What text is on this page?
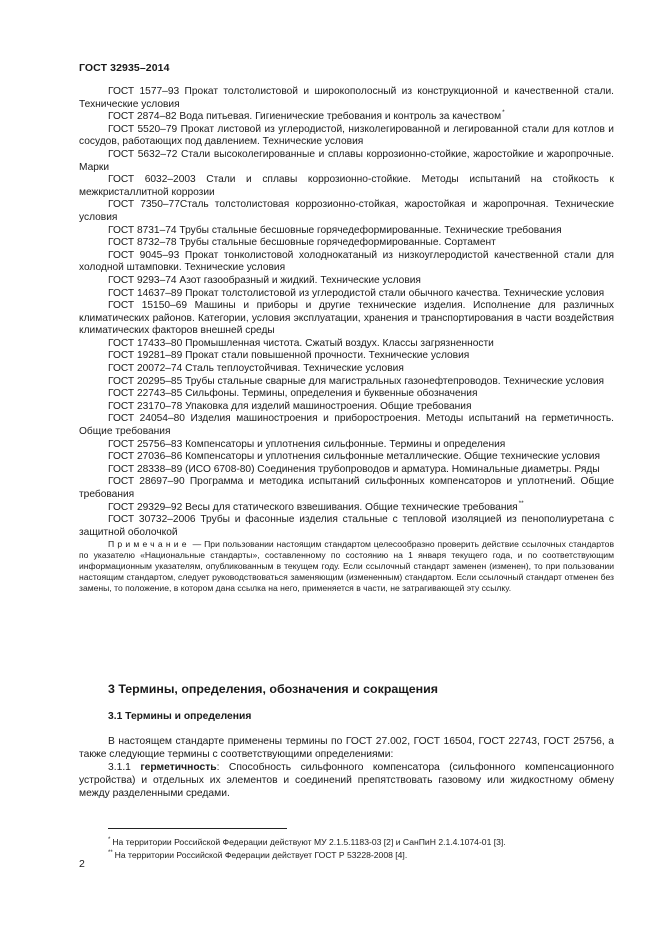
ГОСТ 32935–2014

ГОСТ 1577–93 Прокат толстолистовой и широкополосный из конструкционной и качественной стали. Технические условия

ГОСТ 2874–82 Вода питьевая. Гигиенические требования и контроль за качеством*

ГОСТ 5520–79 Прокат листовой из углеродистой, низколегированной и легированной стали для котлов и сосудов, работающих под давлением. Технические условия

ГОСТ 5632–72 Стали высоколегированные и сплавы коррозионно-стойкие, жаростойкие и жаропрочные. Марки

ГОСТ 6032–2003 Стали и сплавы коррозионно-стойкие. Методы испытаний на стойкость к межкристаллитной коррозии

ГОСТ 7350–77Сталь толстолистовая коррозионно-стойкая, жаростойкая и жаропрочная. Технические условия

ГОСТ 8731–74 Трубы стальные бесшовные горячедеформированные. Технические требования

ГОСТ 8732–78 Трубы стальные бесшовные горячедеформированные. Сортамент

ГОСТ 9045–93 Прокат тонколистовой холоднокатаный из низкоуглеродистой качественной стали для холодной штамповки. Технические условия

ГОСТ 9293–74 Азот газообразный и жидкий. Технические условия

ГОСТ 14637–89 Прокат толстолистовой из углеродистой стали обычного качества. Технические условия

ГОСТ 15150–69 Машины и приборы и другие технические изделия. Исполнение для различных климатических районов. Категории, условия эксплуатации, хранения и транспортирования в части воздействия климатических факторов внешней среды

ГОСТ 17433–80 Промышленная чистота. Сжатый воздух. Классы загрязненности

ГОСТ 19281–89 Прокат стали повышенной прочности. Технические условия

ГОСТ 20072–74 Сталь теплоустойчивая. Технические условия

ГОСТ 20295–85 Трубы стальные сварные для магистральных газонефтепроводов. Технические условия

ГОСТ 22743–85 Сильфоны. Термины, определения и буквенные обозначения

ГОСТ 23170–78 Упаковка для изделий машиностроения. Общие требования

ГОСТ 24054–80 Изделия машиностроения и приборостроения. Методы испытаний на герметичность. Общие требования

ГОСТ 25756–83 Компенсаторы и уплотнения сильфонные. Термины и определения

ГОСТ 27036–86 Компенсаторы и уплотнения сильфонные металлические. Общие технические условия

ГОСТ 28338–89 (ИСО 6708-80) Соединения трубопроводов и арматура. Номинальные диаметры. Ряды

ГОСТ 28697–90 Программа и методика испытаний сильфонных компенсаторов и уплотнений. Общие требования

ГОСТ 29329–92 Весы для статического взвешивания. Общие технические требования**

ГОСТ 30732–2006 Трубы и фасонные изделия стальные с тепловой изоляцией из пенополиуретана с защитной оболочкой

Примечание — При пользовании настоящим стандартом целесообразно проверить действие ссылочных стандартов по указателю «Национальные стандарты», составленному по состоянию на 1 января текущего года, и по соответствующим информационным указателям, опубликованным в текущем году. Если ссылочный стандарт заменен (изменен), то при пользовании настоящим стандартом, следует руководствоваться заменяющим (измененным) стандартом. Если ссылочный стандарт отменен без замены, то положение, в котором дана ссылка на него, применяется в части, не затрагивающей эту ссылку.

3 Термины, определения, обозначения и сокращения
3.1 Термины и определения

В настоящем стандарте применены термины по ГОСТ 27.002, ГОСТ 16504, ГОСТ 22743, ГОСТ 25756, а также следующие термины с соответствующими определениями:

3.1.1 герметичность: Способность сильфонного компенсатора (сильфонного компенсационного устройства) и отдельных их элементов и соединений препятствовать газовому или жидкостному обмену между разделенными средами.

* На территории Российской Федерации действуют МУ 2.1.5.1183-03 [2] и СанПиН 2.1.4.1074-01 [3].

** На территории Российской Федерации действует ГОСТ Р 53228-2008 [4].

2
